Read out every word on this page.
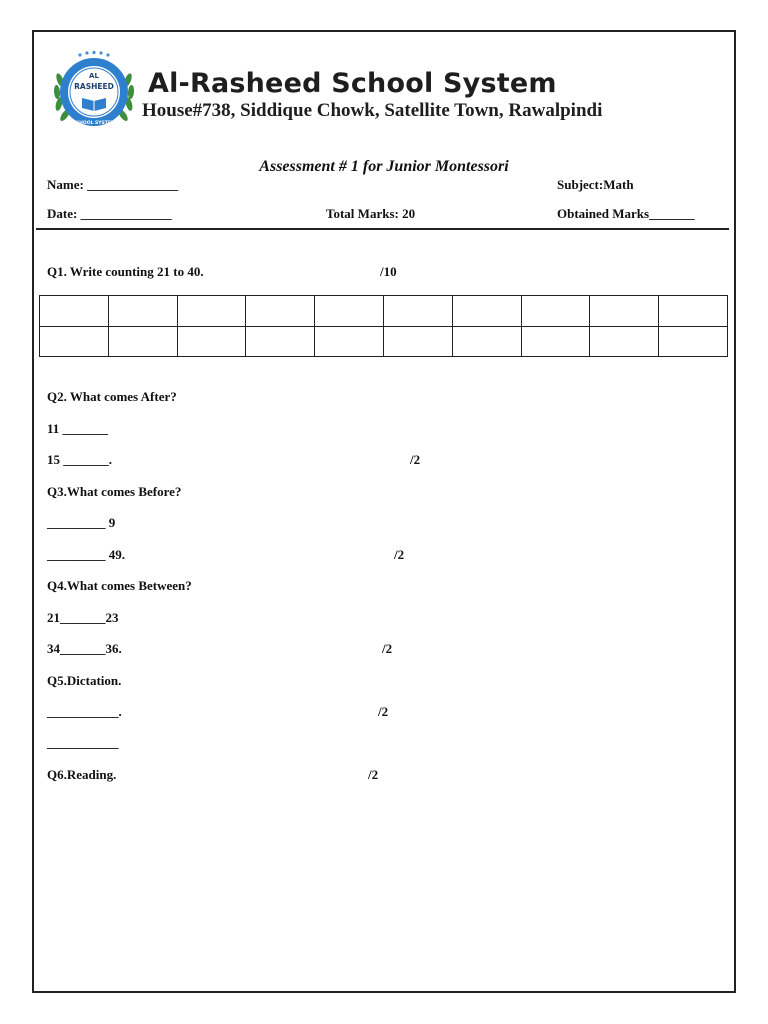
AL
RASHEED
SCHOOL SYSTEM
Al-Rasheed School System
House#738, Siddique Chowk, Satellite Town, Rawalpindi
Assessment # 1 for Junior Montessori
Name: ______________	Subject:Math
Date: ______________	Total Marks: 20	Obtained Marks_______
Q1. Write counting 21 to 40.	/10

Q2. What comes After?
11 _______
15 _______.	/2
Q3.What comes Before?
_________ 9
_________ 49.	/2
Q4.What comes Between?
21_______23
34_______36.	/2
Q5.Dictation.
___________.	/2
___________
Q6.Reading.	/2
